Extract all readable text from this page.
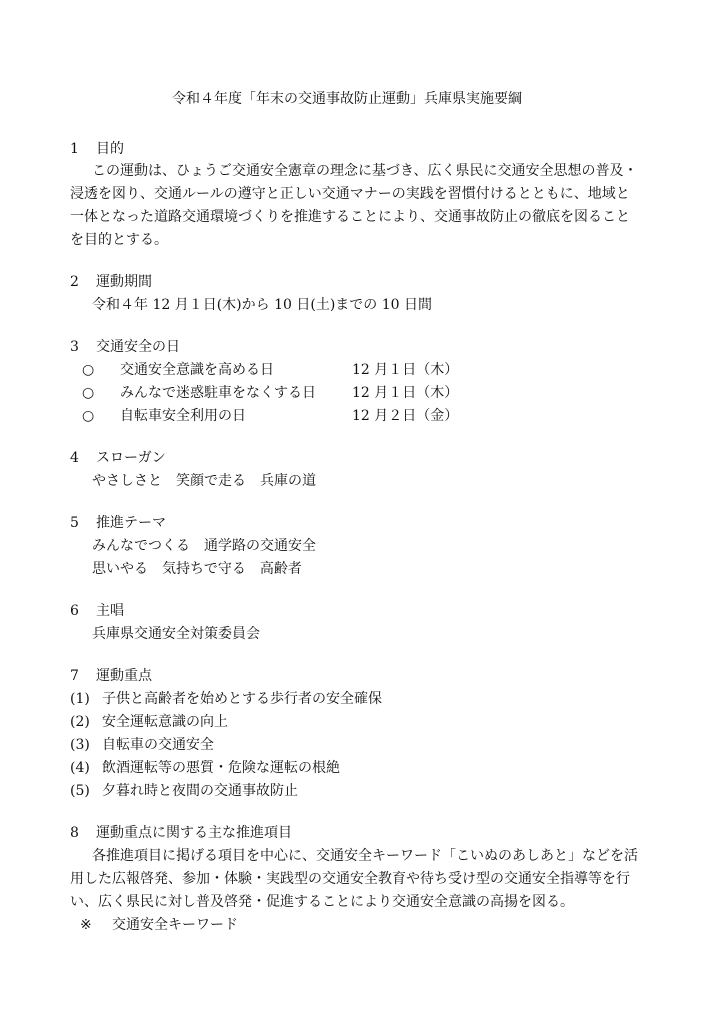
令和４年度「年末の交通事故防止運動」兵庫県実施要綱
1 目的
この運動は、ひょうご交通安全憲章の理念に基づき、広く県民に交通安全思想の普及・
浸透を図り、交通ルールの遵守と正しい交通マナーの実践を習慣付けるとともに、地域と
一体となった道路交通環境づくりを推進することにより、交通事故防止の徹底を図ること
を目的とする。
2 運動期間
令和４年 12 月１日(木)から 10 日(土)までの 10 日間
3 交通安全の日
○ 交通安全意識を高める日	12 月１日（木）
○ みんなで迷惑駐車をなくする日	12 月１日（木）
○ 自転車安全利用の日	12 月２日（金）
4 スローガン
やさしさと　笑顔で走る　兵庫の道
5 推進テーマ
みんなでつくる　通学路の交通安全
思いやる　気持ちで守る　高齢者
6 主唱
兵庫県交通安全対策委員会
7 運動重点
(1) 子供と高齢者を始めとする歩行者の安全確保
(2) 安全運転意識の向上
(3) 自転車の交通安全
(4) 飲酒運転等の悪質・危険な運転の根絶
(5) 夕暮れ時と夜間の交通事故防止
8 運動重点に関する主な推進項目
各推進項目に掲げる項目を中心に、交通安全キーワード「こいぬのあしあと」などを活
用した広報啓発、参加・体験・実践型の交通安全教育や待ち受け型の交通安全指導等を行
い、広く県民に対し普及啓発・促進することにより交通安全意識の高揚を図る。
※ 交通安全キーワード
